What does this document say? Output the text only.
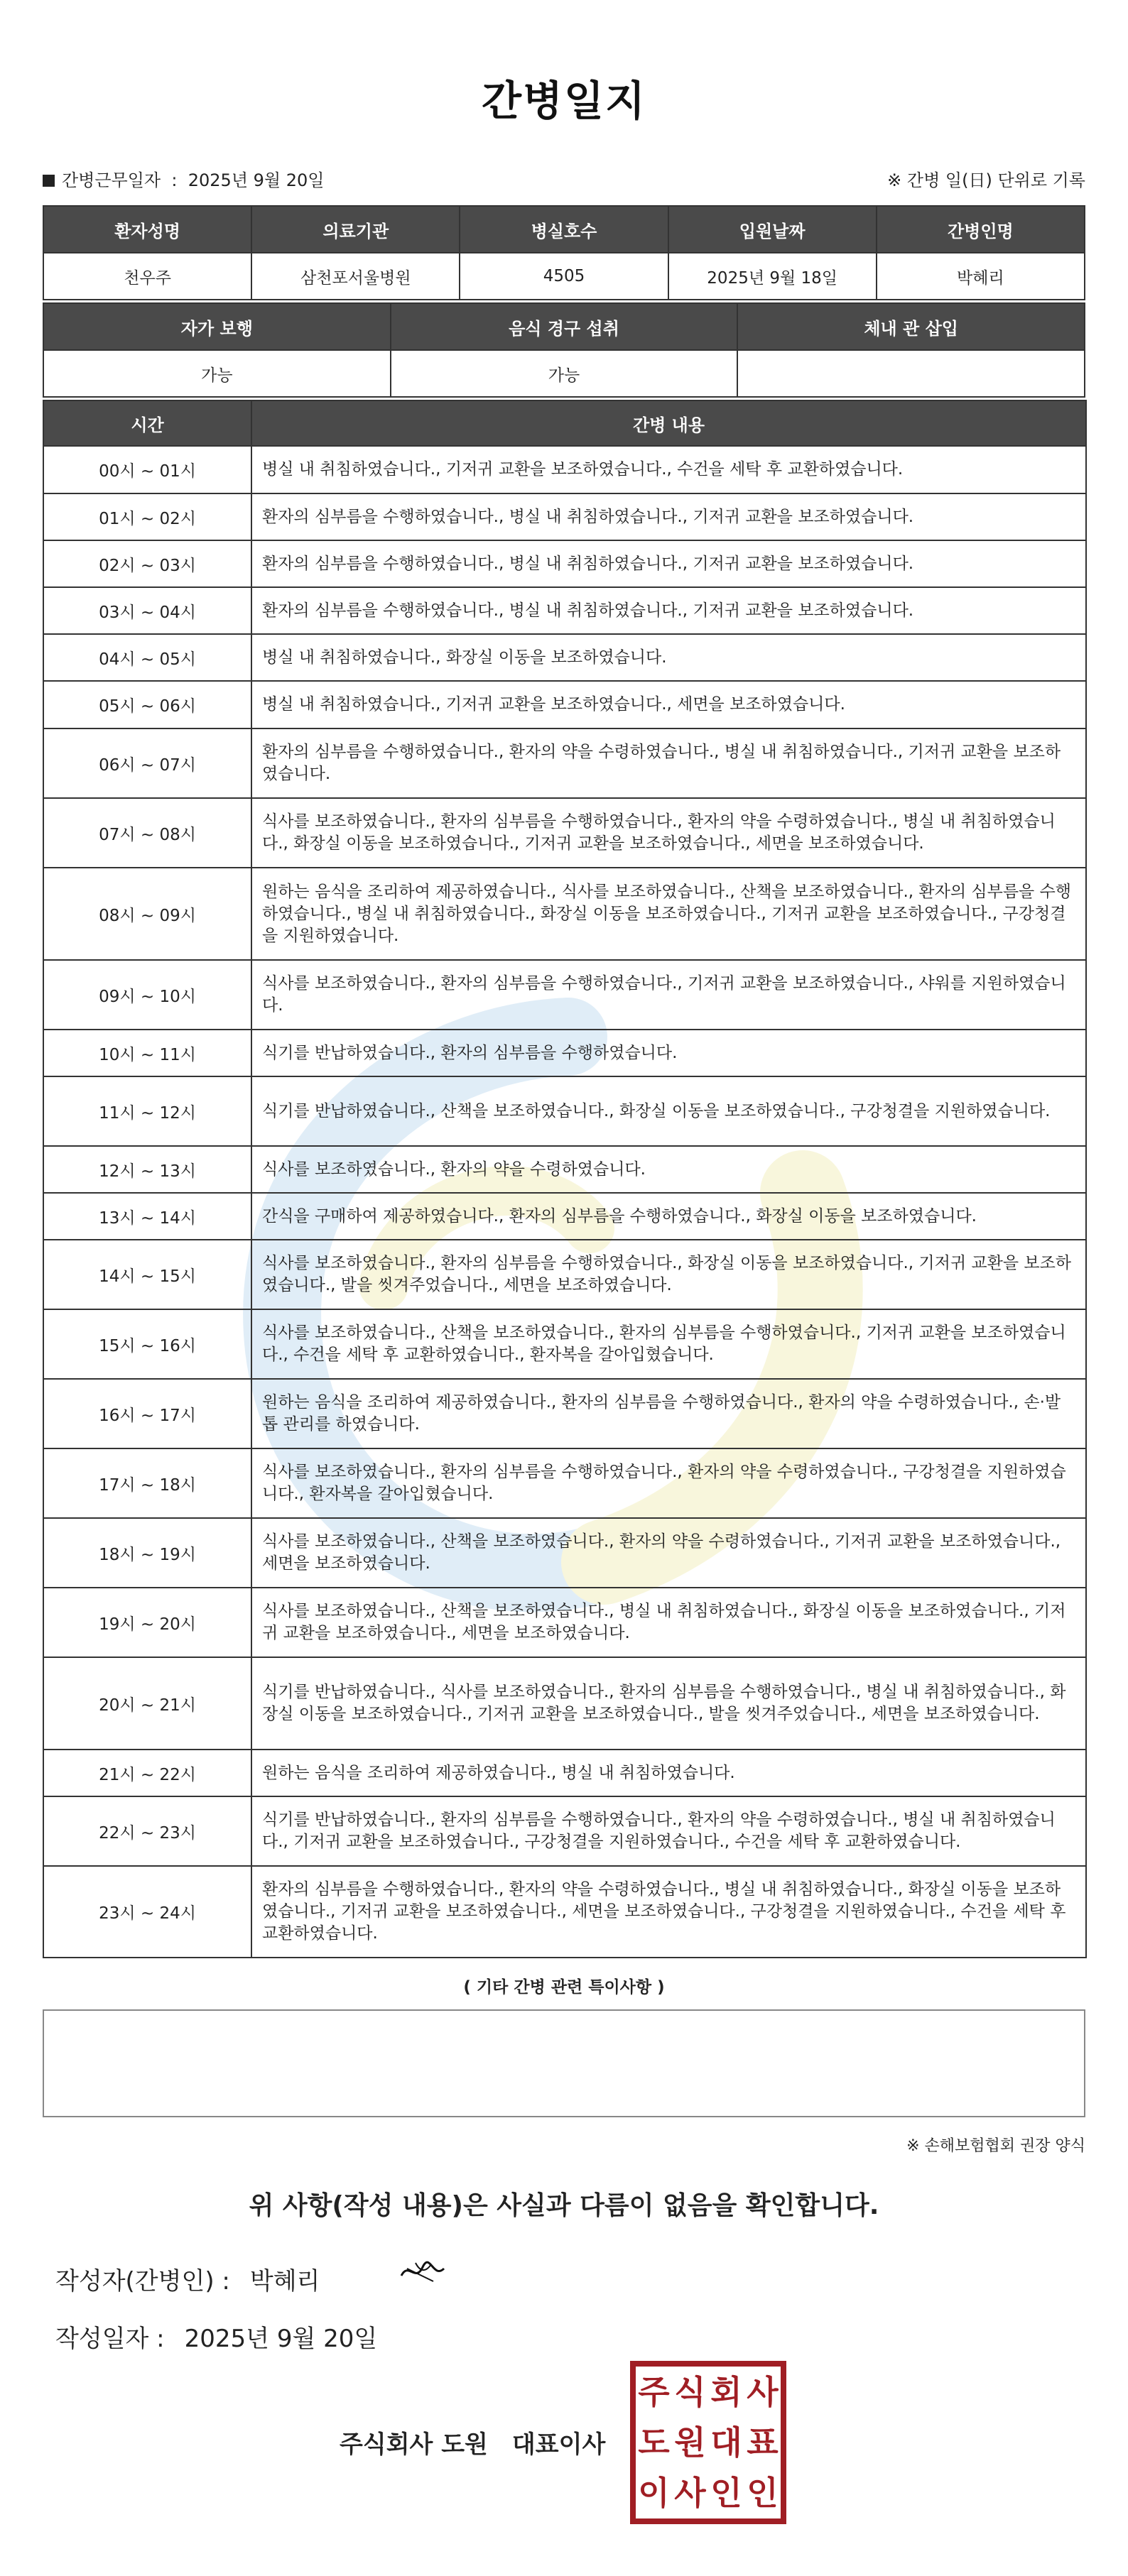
간병일지
간병근무일자 : 2025년 9월 20일	※ 간병 일(日) 단위로 기록
환자성명	의료기관	병실호수	입원날짜	간병인명
천우주	삼천포서울병원	4505	2025년 9월 18일	박혜리
자가 보행	음식 경구 섭취	체내 관 삽입
가능	가능	
시간	간병 내용
00시 ~ 01시	병실 내 취침하였습니다., 기저귀 교환을 보조하였습니다., 수건을 세탁 후 교환하였습니다.
01시 ~ 02시	환자의 심부름을 수행하였습니다., 병실 내 취침하였습니다., 기저귀 교환을 보조하였습니다.
02시 ~ 03시	환자의 심부름을 수행하였습니다., 병실 내 취침하였습니다., 기저귀 교환을 보조하였습니다.
03시 ~ 04시	환자의 심부름을 수행하였습니다., 병실 내 취침하였습니다., 기저귀 교환을 보조하였습니다.
04시 ~ 05시	병실 내 취침하였습니다., 화장실 이동을 보조하였습니다.
05시 ~ 06시	병실 내 취침하였습니다., 기저귀 교환을 보조하였습니다., 세면을 보조하였습니다.
06시 ~ 07시	환자의 심부름을 수행하였습니다., 환자의 약을 수령하였습니다., 병실 내 취침하였습니다., 기저귀 교환을 보조하였습니다.
07시 ~ 08시	식사를 보조하였습니다., 환자의 심부름을 수행하였습니다., 환자의 약을 수령하였습니다., 병실 내 취침하였습니다., 화장실 이동을 보조하였습니다., 기저귀 교환을 보조하였습니다., 세면을 보조하였습니다.
08시 ~ 09시	원하는 음식을 조리하여 제공하였습니다., 식사를 보조하였습니다., 산책을 보조하였습니다., 환자의 심부름을 수행하였습니다., 병실 내 취침하였습니다., 화장실 이동을 보조하였습니다., 기저귀 교환을 보조하였습니다., 구강청결을 지원하였습니다.
09시 ~ 10시	식사를 보조하였습니다., 환자의 심부름을 수행하였습니다., 기저귀 교환을 보조하였습니다., 샤워를 지원하였습니다.
10시 ~ 11시	식기를 반납하였습니다., 환자의 심부름을 수행하였습니다.
11시 ~ 12시	식기를 반납하였습니다., 산책을 보조하였습니다., 화장실 이동을 보조하였습니다., 구강청결을 지원하였습니다.
12시 ~ 13시	식사를 보조하였습니다., 환자의 약을 수령하였습니다.
13시 ~ 14시	간식을 구매하여 제공하였습니다., 환자의 심부름을 수행하였습니다., 화장실 이동을 보조하였습니다.
14시 ~ 15시	식사를 보조하였습니다., 환자의 심부름을 수행하였습니다., 화장실 이동을 보조하였습니다., 기저귀 교환을 보조하였습니다., 발을 씻겨주었습니다., 세면을 보조하였습니다.
15시 ~ 16시	식사를 보조하였습니다., 산책을 보조하였습니다., 환자의 심부름을 수행하였습니다., 기저귀 교환을 보조하였습니다., 수건을 세탁 후 교환하였습니다., 환자복을 갈아입혔습니다.
16시 ~ 17시	원하는 음식을 조리하여 제공하였습니다., 환자의 심부름을 수행하였습니다., 환자의 약을 수령하였습니다., 손·발톱 관리를 하였습니다.
17시 ~ 18시	식사를 보조하였습니다., 환자의 심부름을 수행하였습니다., 환자의 약을 수령하였습니다., 구강청결을 지원하였습니다., 환자복을 갈아입혔습니다.
18시 ~ 19시	식사를 보조하였습니다., 산책을 보조하였습니다., 환자의 약을 수령하였습니다., 기저귀 교환을 보조하였습니다., 세면을 보조하였습니다.
19시 ~ 20시	식사를 보조하였습니다., 산책을 보조하였습니다., 병실 내 취침하였습니다., 화장실 이동을 보조하였습니다., 기저귀 교환을 보조하였습니다., 세면을 보조하였습니다.
20시 ~ 21시	식기를 반납하였습니다., 식사를 보조하였습니다., 환자의 심부름을 수행하였습니다., 병실 내 취침하였습니다., 화장실 이동을 보조하였습니다., 기저귀 교환을 보조하였습니다., 발을 씻겨주었습니다., 세면을 보조하였습니다.
21시 ~ 22시	원하는 음식을 조리하여 제공하였습니다., 병실 내 취침하였습니다.
22시 ~ 23시	식기를 반납하였습니다., 환자의 심부름을 수행하였습니다., 환자의 약을 수령하였습니다., 병실 내 취침하였습니다., 기저귀 교환을 보조하였습니다., 구강청결을 지원하였습니다., 수건을 세탁 후 교환하였습니다.
23시 ~ 24시	환자의 심부름을 수행하였습니다., 환자의 약을 수령하였습니다., 병실 내 취침하였습니다., 화장실 이동을 보조하였습니다., 기저귀 교환을 보조하였습니다., 세면을 보조하였습니다., 구강청결을 지원하였습니다., 수건을 세탁 후 교환하였습니다.
( 기타 간병 관련 특이사항 )
※ 손해보험협회 권장 양식
위 사항(작성 내용)은 사실과 다름이 없음을 확인합니다.
작성자(간병인) : 박혜리
작성일자 : 2025년 9월 20일
주식회사 도원 대표이사
주 식 회 사
도 원 대 표
이 사 인 인
